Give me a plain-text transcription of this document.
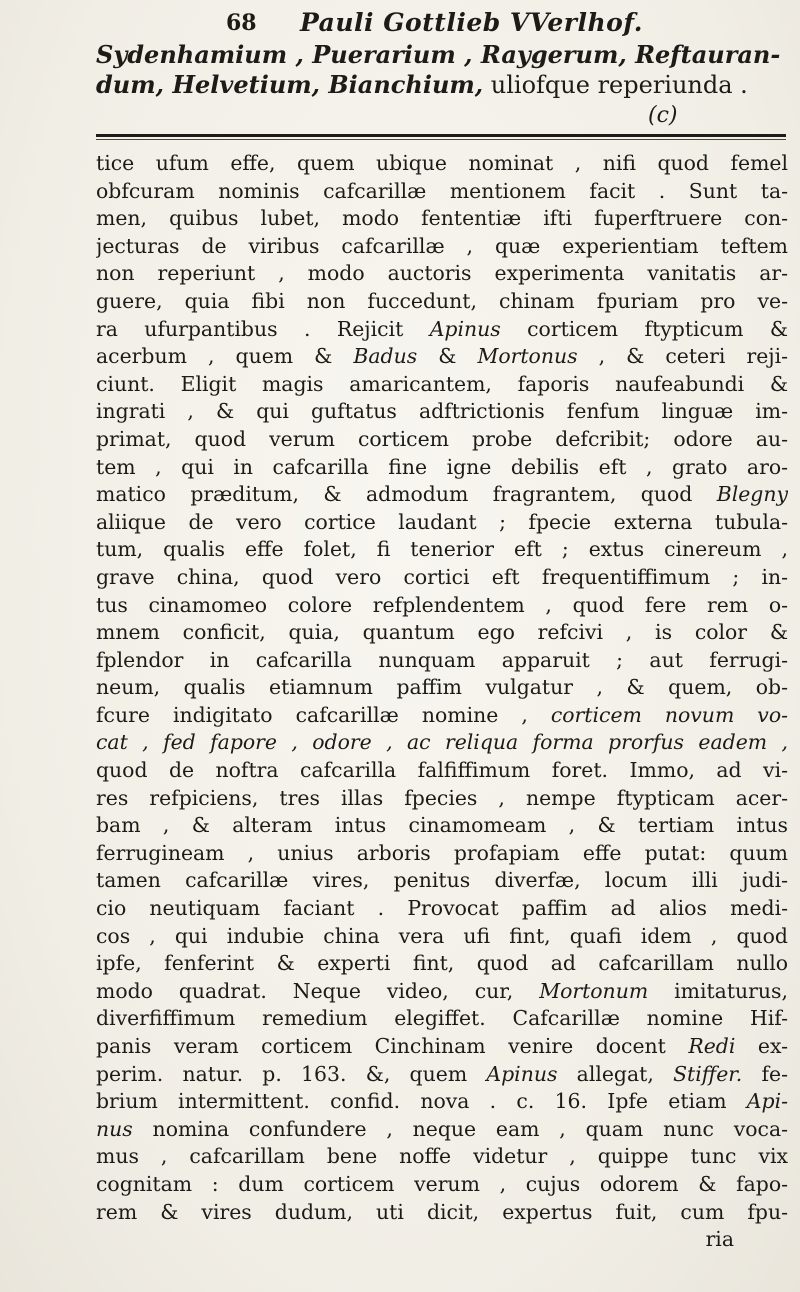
68 Pauli Gottlieb VVerlhof.
Sydenhamium , Puerarium , Raygerum, Reftauran-
dum, Helvetium, Bianchium, uliofque reperiunda .
(c)
tice ufum effe, quem ubique nominat , nifi quod femel
obfcuram nominis cafcarillæ mentionem facit . Sunt ta-
men, quibus lubet, modo fententiæ ifti fuperftruere con-
jecturas de viribus cafcarillæ , quæ experientiam teftem
non reperiunt , modo auctoris experimenta vanitatis ar-
guere, quia fibi non fuccedunt, chinam fpuriam pro ve-
ra ufurpantibus . Rejicit Apinus corticem ftypticum &
acerbum , quem & Badus & Mortonus , & ceteri reji-
ciunt. Eligit magis amaricantem, faporis naufeabundi &
ingrati , & qui guftatus adftrictionis fenfum linguæ im-
primat, quod verum corticem probe defcribit; odore au-
tem , qui in cafcarilla fine igne debilis eft , grato aro-
matico præditum, & admodum fragrantem, quod Blegny
aliique de vero cortice laudant ; fpecie externa tubula-
tum, qualis effe folet, fi tenerior eft ; extus cinereum ,
grave china, quod vero cortici eft frequentiffimum ; in-
tus cinamomeo colore refplendentem , quod fere rem o-
mnem conficit, quia, quantum ego refcivi , is color &
fplendor in cafcarilla nunquam apparuit ; aut ferrugi-
neum, qualis etiamnum paffim vulgatur , & quem, ob-
fcure indigitato cafcarillæ nomine , corticem novum vo-
cat , fed fapore , odore , ac reliqua forma prorfus eadem ,
quod de noftra cafcarilla falfiffimum foret. Immo, ad vi-
res refpiciens, tres illas fpecies , nempe ftypticam acer-
bam , & alteram intus cinamomeam , & tertiam intus
ferrugineam , unius arboris profapiam effe putat: quum
tamen cafcarillæ vires, penitus diverfæ, locum illi judi-
cio neutiquam faciant . Provocat paffim ad alios medi-
cos , qui indubie china vera ufi fint, quafi idem , quod
ipfe, fenferint & experti fint, quod ad cafcarillam nullo
modo quadrat. Neque video, cur, Mortonum imitaturus,
diverfiffimum remedium elegiffet. Cafcarillæ nomine Hif-
panis veram corticem Cinchinam venire docent Redi ex-
perim. natur. p. 163. &, quem Apinus allegat, Stiffer. fe-
brium intermittent. confid. nova . c. 16. Ipfe etiam Api-
nus nomina confundere , neque eam , quam nunc voca-
mus , cafcarillam bene noffe videtur , quippe tunc vix
cognitam : dum corticem verum , cujus odorem & fapo-
rem & vires dudum, uti dicit, expertus fuit, cum fpu-
ria
